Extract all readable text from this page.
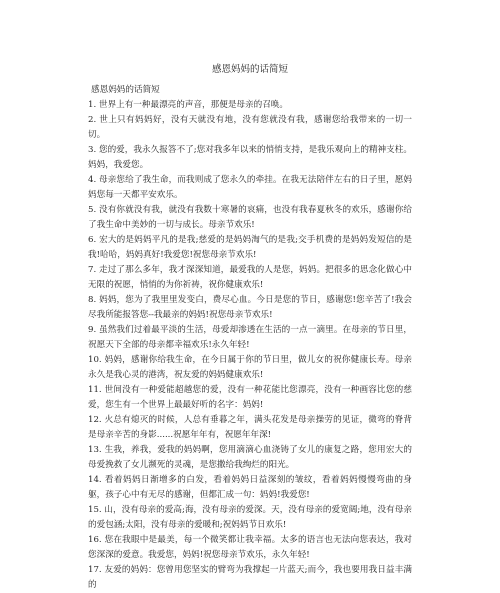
感恩妈妈的话简短

感恩妈妈的话简短

1. 世界上有一种最漂亮的声音，那便是母亲的召唤。

2. 世上只有妈妈好，没有天就没有地，没有您就没有我，感谢您给我带来的一切一切。

3. 您的爱，我永久报答不了;您对我多年以来的悄悄支持，是我乐观向上的精神支柱。妈妈，我爱您。

4. 母亲您给了我生命，而我则成了您永久的牵挂。在我无法陪伴左右的日子里，愿妈妈您每一天都平安欢乐。

5. 没有你就没有我，就没有我数十寒暑的哀痛，也没有我春夏秋冬的欢乐，感谢你给了我生命中美妙的一切与成长。母亲节欢乐!

6. 宏大的是妈妈平凡的是我;慈爱的是妈妈淘气的是我;交手机费的是妈妈发短信的是我!哈哈，妈妈真好!我爱您!祝您母亲节欢乐!

7. 走过了那么多年，我才深深知道，最爱我的人是您，妈妈。把很多的思念化做心中无限的祝愿，悄悄的为你祈祷，祝你健康欢乐!

8. 妈妈，您为了我里里发变白，费尽心血。今日是您的节日，感谢您!您辛苦了!我会尽我所能报答您--我最亲的妈妈!祝您母亲节欢乐!

9. 虽然我们过着最平淡的生活，母爱却渗透在生活的一点一滴里。在母亲的节日里，祝愿天下全部的母亲都幸福欢乐!永久年轻!

10. 妈妈，感谢你给我生命，在今日属于你的节日里，做儿女的祝你健康长寿。母亲永久是我心灵的港湾，祝友爱的妈妈健康欢乐!

11. 世间没有一种爱能超越您的爱，没有一种花能比您漂亮，没有一种画容比您的慈爱，您生有一个世界上最最好听的名字：妈妈!

12. 火总有熄灭的时候，人总有垂暮之年，满头花发是母亲操劳的见证，微弯的脊背是母亲辛苦的身影......祝愿年年有，祝愿年年深!

13. 生我，养我，爱我的妈妈啊，您用滴滴心血浇铸了女儿的康复之路，您用宏大的母爱挽救了女儿濒死的灵魂，是您撒给我绚烂的阳光。

14. 看着妈妈日渐增多的白发，看着妈妈日益深刻的皱纹，看着妈妈慢慢弯曲的身躯，孩子心中有无尽的感谢，但都汇成一句：妈妈!我爱您!

15. 山，没有母亲的爱高;海，没有母亲的爱深。天，没有母亲的爱宽阔;地，没有母亲的爱包涵;太阳，没有母亲的爱暖和;祝妈妈节日欢乐!

16. 您在我眼中是最美，每一个微笑都让我幸福。太多的语言也无法向您表达，我对您深深的爱意。我爱您，妈妈!祝您母亲节欢乐，永久年轻!

17. 友爱的妈妈：您曾用您坚实的臂弯为我撑起一片蓝天;而今，我也要用我日益丰满的
